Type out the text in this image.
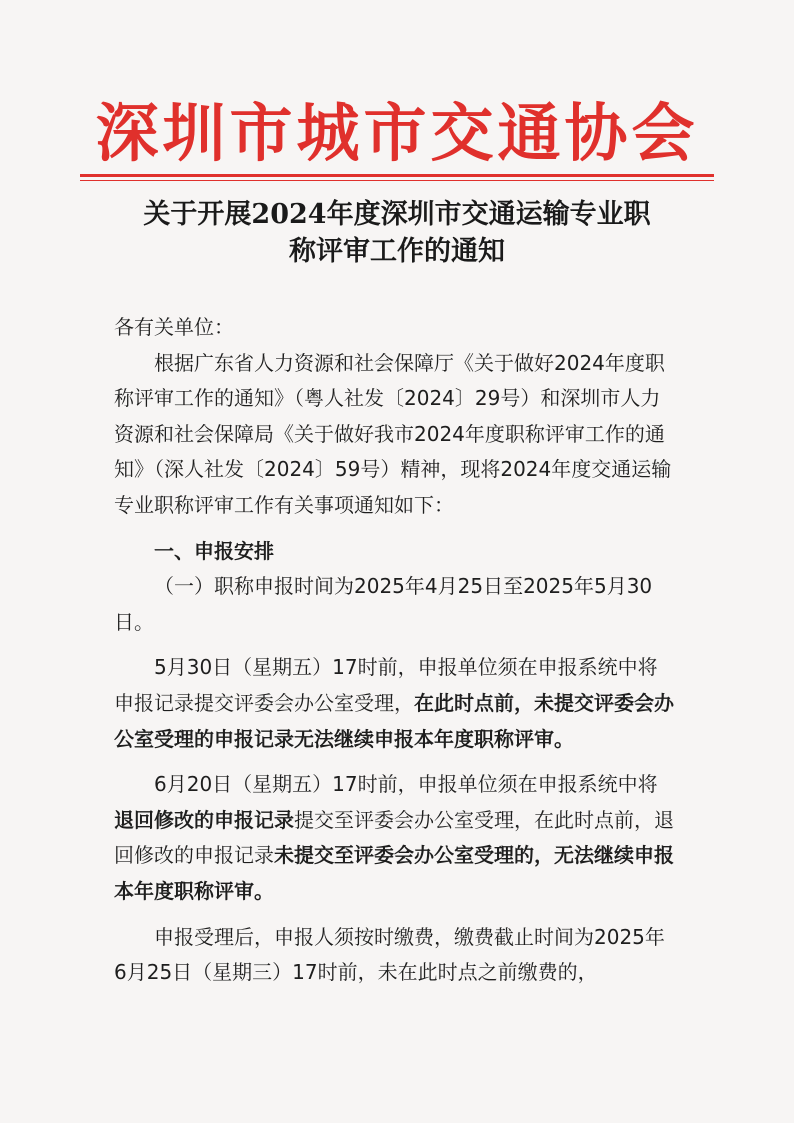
深圳市城市交通协会
关于开展2024年度深圳市交通运输专业职
称评审工作的通知

各有关单位：

根据广东省人力资源和社会保障厅《关于做好2024年度职称评审工作的通知》（粤人社发〔2024〕29号）和深圳市人力资源和社会保障局《关于做好我市2024年度职称评审工作的通知》（深人社发〔2024〕59号）精神，现将2024年度交通运输专业职称评审工作有关事项通知如下：

一、申报安排

（一）职称申报时间为2025年4月25日至2025年5月30日。

5月30日（星期五）17时前，申报单位须在申报系统中将申报记录提交评委会办公室受理，在此时点前，未提交评委会办公室受理的申报记录无法继续申报本年度职称评审。

6月20日（星期五）17时前，申报单位须在申报系统中将退回修改的申报记录提交至评委会办公室受理，在此时点前，退回修改的申报记录未提交至评委会办公室受理的，无法继续申报本年度职称评审。

申报受理后，申报人须按时缴费，缴费截止时间为2025年6月25日（星期三）17时前，未在此时点之前缴费的，
